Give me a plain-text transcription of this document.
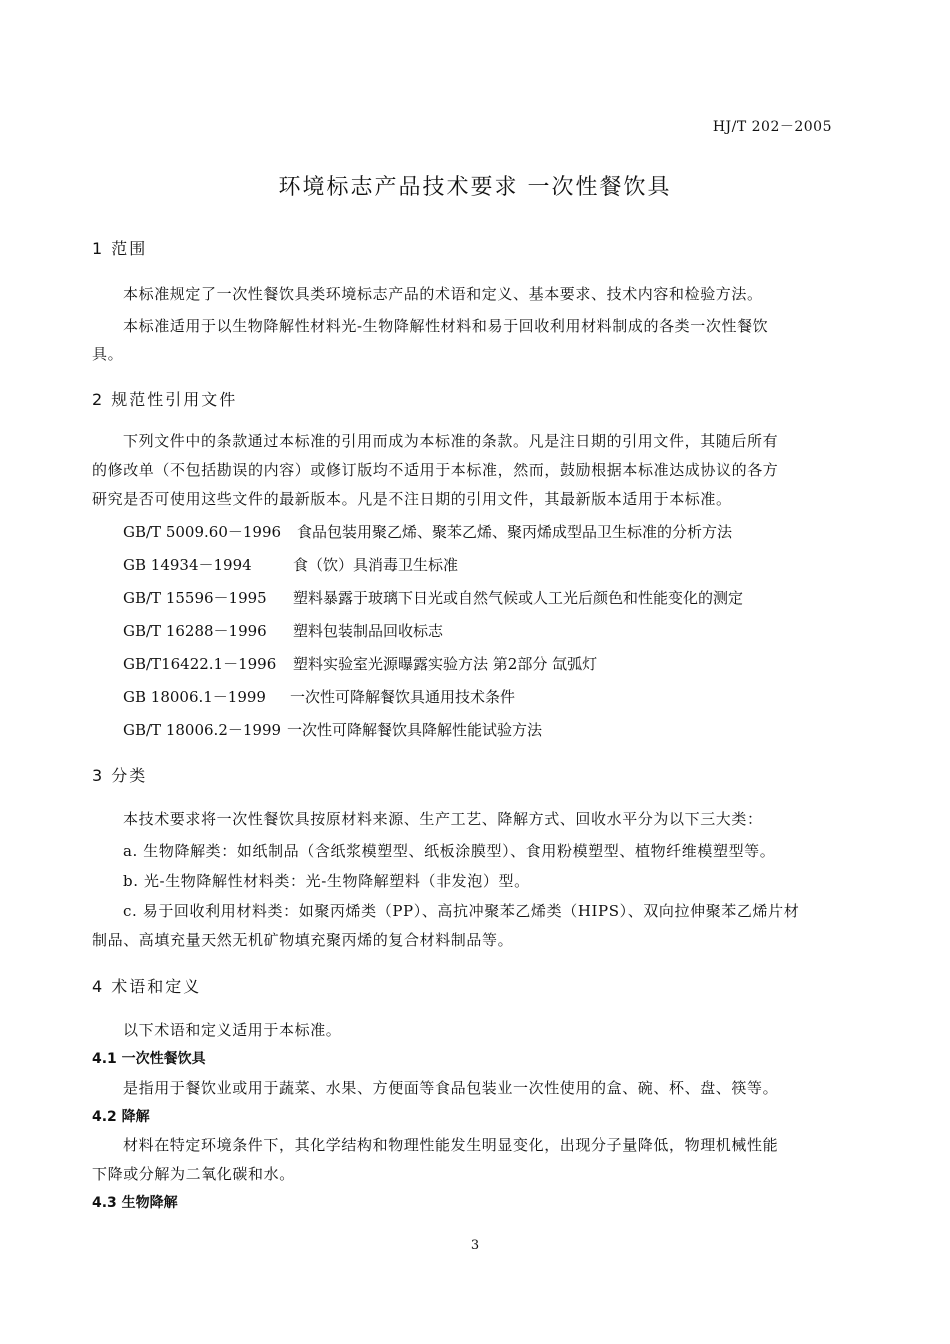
HJ/T 202－2005
环境标志产品技术要求 一次性餐饮具
1 范围
本标准规定了一次性餐饮具类环境标志产品的术语和定义、基本要求、技术内容和检验方法。
本标准适用于以生物降解性材料光-生物降解性材料和易于回收利用材料制成的各类一次性餐饮
具。
2 规范性引用文件
下列文件中的条款通过本标准的引用而成为本标准的条款。凡是注日期的引用文件，其随后所有
的修改单（不包括勘误的内容）或修订版均不适用于本标准，然而，鼓励根据本标准达成协议的各方
研究是否可使用这些文件的最新版本。凡是不注日期的引用文件，其最新版本适用于本标准。
GB/T 5009.60－1996 食品包装用聚乙烯、聚苯乙烯、聚丙烯成型品卫生标准的分析方法
GB 14934－1994	食（饮）具消毒卫生标准
GB/T 15596－1995 塑料暴露于玻璃下日光或自然气候或人工光后颜色和性能变化的测定
GB/T 16288－1996 塑料包装制品回收标志
GB/T16422.1－1996 塑料实验室光源曝露实验方法 第2部分 氙弧灯
GB 18006.1－1999 一次性可降解餐饮具通用技术条件
GB/T 18006.2－1999 一次性可降解餐饮具降解性能试验方法
3 分类
本技术要求将一次性餐饮具按原材料来源、生产工艺、降解方式、回收水平分为以下三大类：
a. 生物降解类：如纸制品（含纸浆模塑型、纸板涂膜型）、食用粉模塑型、植物纤维模塑型等。
b. 光-生物降解性材料类：光-生物降解塑料（非发泡）型。
c. 易于回收利用材料类：如聚丙烯类（PP）、高抗冲聚苯乙烯类（HIPS）、双向拉伸聚苯乙烯片材
制品、高填充量天然无机矿物填充聚丙烯的复合材料制品等。
4 术语和定义
以下术语和定义适用于本标准。
4.1 一次性餐饮具
是指用于餐饮业或用于蔬菜、水果、方便面等食品包装业一次性使用的盒、碗、杯、盘、筷等。
4.2 降解
材料在特定环境条件下，其化学结构和物理性能发生明显变化，出现分子量降低，物理机械性能
下降或分解为二氧化碳和水。
4.3 生物降解
3
